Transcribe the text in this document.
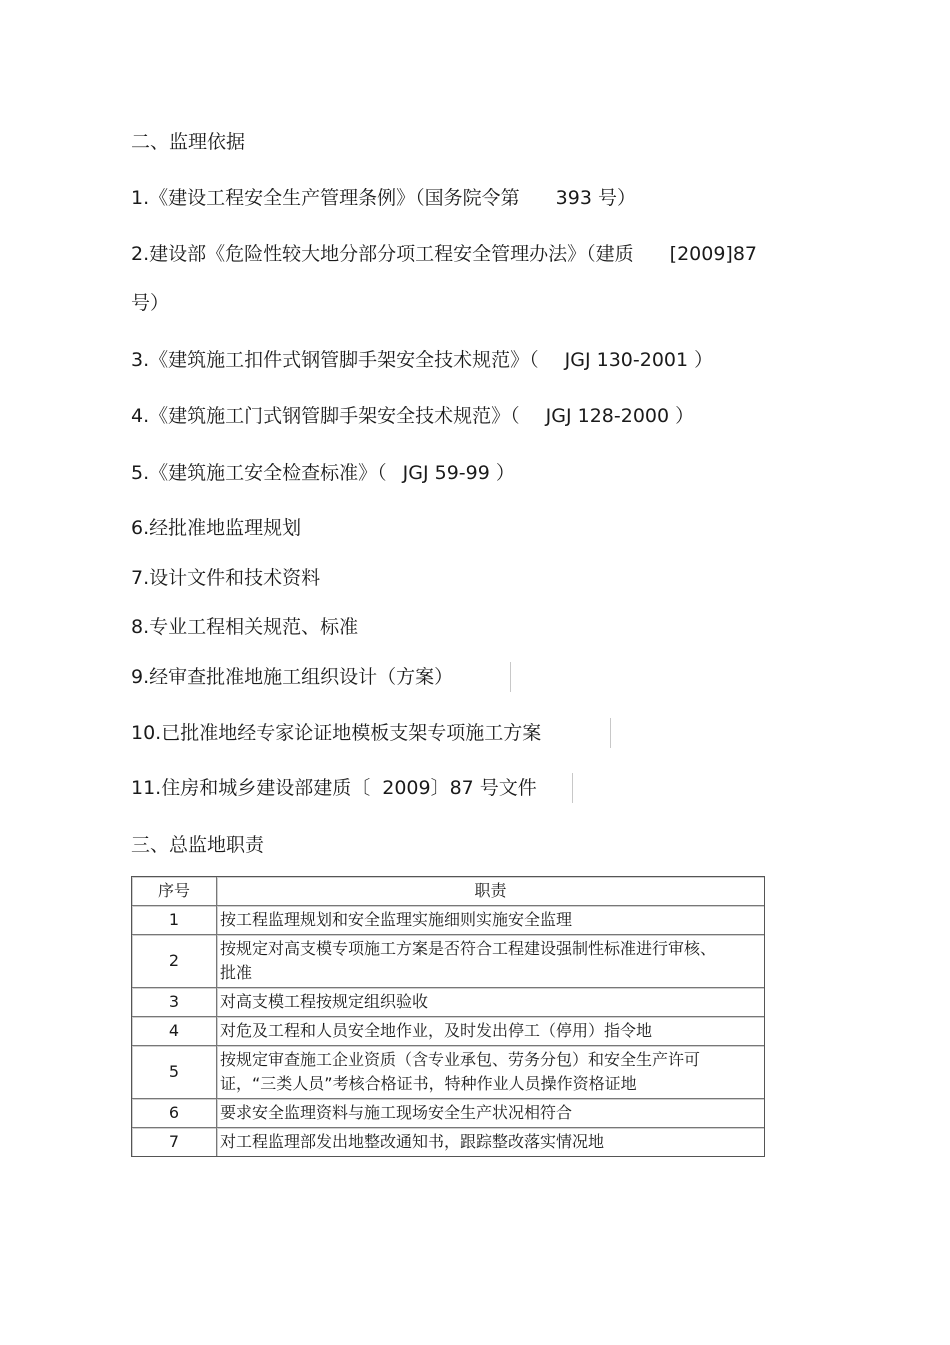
二、监理依据

1.《建设工程安全生产管理条例》（国务院令第 393 号）

2.建设部《危险性较大地分部分项工程安全管理办法》（建质 [2009]87

号）

3.《建筑施工扣件式钢管脚手架安全技术规范》（ JGJ 130-2001 ）

4.《建筑施工门式钢管脚手架安全技术规范》（ JGJ 128-2000 ）

5.《建筑施工安全检查标准》（ JGJ 59-99 ）

6.经批准地监理规划

7.设计文件和技术资料

8.专业工程相关规范、标准

9.经审查批准地施工组织设计（方案）

10.已批准地经专家论证地模板支架专项施工方案

11.住房和城乡建设部建质〔 2009〕87 号文件

三、总监地职责
序号	职责
1	按工程监理规划和安全监理实施细则实施安全监理

2	按规定对高支模专项施工方案是否符合工程建设强制性标准进行审核、批准

3	对高支模工程按规定组织验收

4	对危及工程和人员安全地作业，及时发出停工（停用）指令地

5	按规定审查施工企业资质（含专业承包、劳务分包）和安全生产许可证，“三类人员”考核合格证书，特种作业人员操作资格证地

6	要求安全监理资料与施工现场安全生产状况相符合

7	对工程监理部发出地整改通知书，跟踪整改落实情况地
